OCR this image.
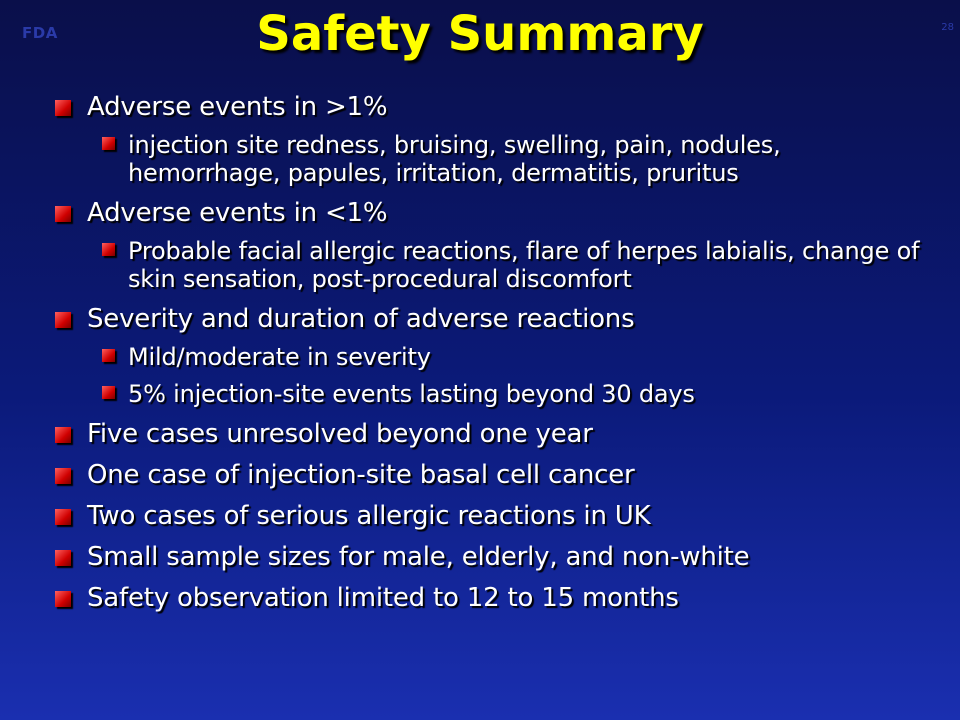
FDA	28
Safety Summary
Adverse events in >1%
injection site redness, bruising, swelling, pain, nodules, hemorrhage, papules, irritation, dermatitis, pruritus
Adverse events in <1%
Probable facial allergic reactions, flare of herpes labialis, change of skin sensation, post-procedural discomfort
Severity and duration of adverse reactions
Mild/moderate in severity
5% injection-site events lasting beyond 30 days
Five cases unresolved beyond one year
One case of injection-site basal cell cancer
Two cases of serious allergic reactions in UK
Small sample sizes for male, elderly, and non-white
Safety observation limited to 12 to 15 months
